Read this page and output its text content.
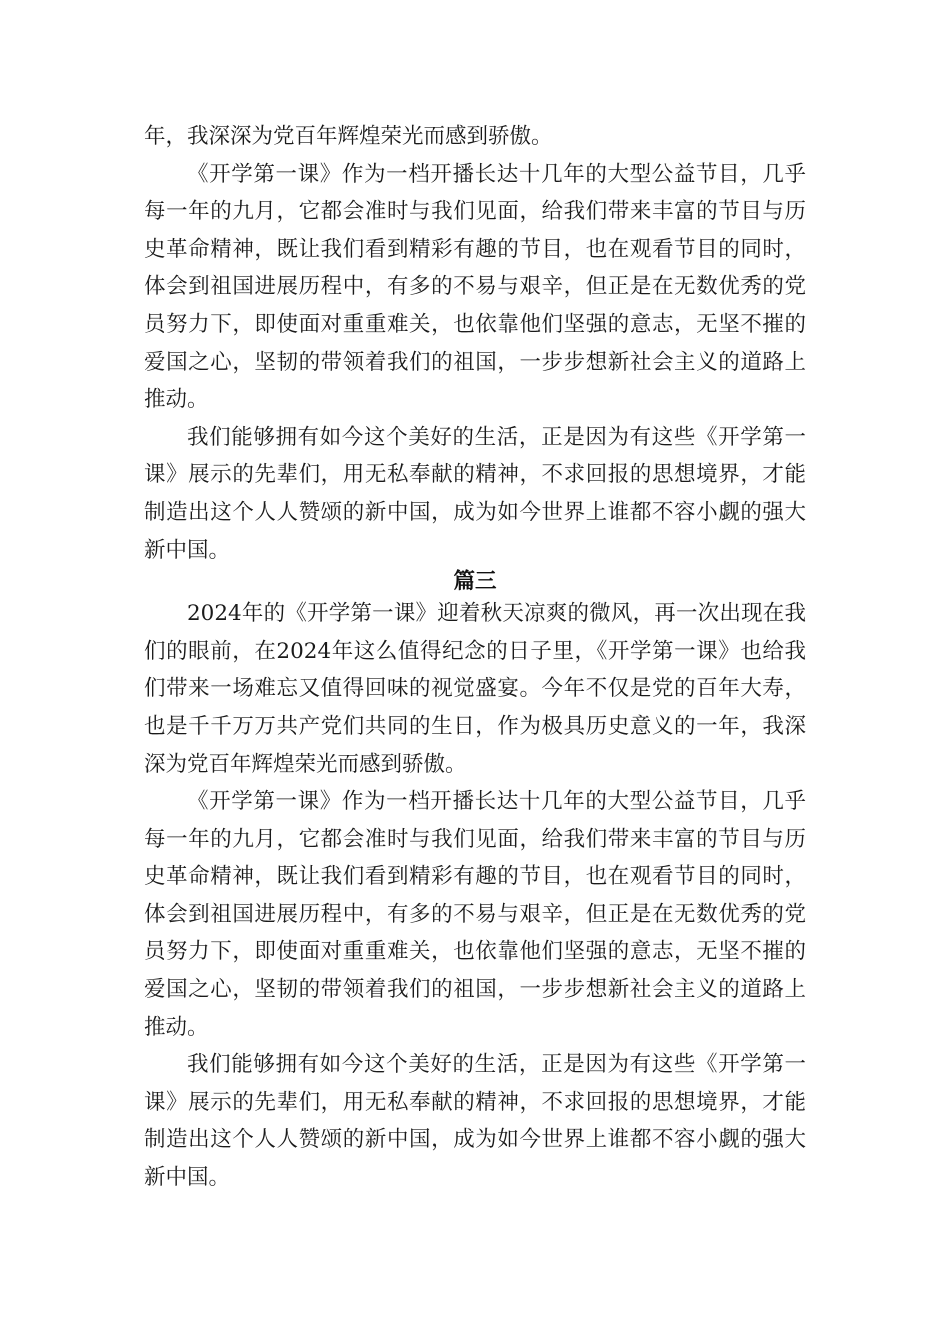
年，我深深为党百年辉煌荣光而感到骄傲。

《开学第一课》作为一档开播长达十几年的大型公益节目，几乎每一年的九月，它都会准时与我们见面，给我们带来丰富的节目与历史革命精神，既让我们看到精彩有趣的节目，也在观看节目的同时，体会到祖国进展历程中，有多的不易与艰辛，但正是在无数优秀的党员努力下，即使面对重重难关，也依靠他们坚强的意志，无坚不摧的爱国之心，坚韧的带领着我们的祖国，一步步想新社会主义的道路上推动。

我们能够拥有如今这个美好的生活，正是因为有这些《开学第一课》展示的先辈们，用无私奉献的精神，不求回报的思想境界，才能制造出这个人人赞颂的新中国，成为如今世界上谁都不容小觑的强大新中国。

篇三

2024年的《开学第一课》迎着秋天凉爽的微风，再一次出现在我们的眼前，在2024年这么值得纪念的日子里，《开学第一课》也给我们带来一场难忘又值得回味的视觉盛宴。今年不仅是党的百年大寿，也是千千万万共产党们共同的生日，作为极具历史意义的一年，我深深为党百年辉煌荣光而感到骄傲。

《开学第一课》作为一档开播长达十几年的大型公益节目，几乎每一年的九月，它都会准时与我们见面，给我们带来丰富的节目与历史革命精神，既让我们看到精彩有趣的节目，也在观看节目的同时，体会到祖国进展历程中，有多的不易与艰辛，但正是在无数优秀的党员努力下，即使面对重重难关，也依靠他们坚强的意志，无坚不摧的爱国之心，坚韧的带领着我们的祖国，一步步想新社会主义的道路上推动。

我们能够拥有如今这个美好的生活，正是因为有这些《开学第一课》展示的先辈们，用无私奉献的精神，不求回报的思想境界，才能制造出这个人人赞颂的新中国，成为如今世界上谁都不容小觑的强大新中国。
